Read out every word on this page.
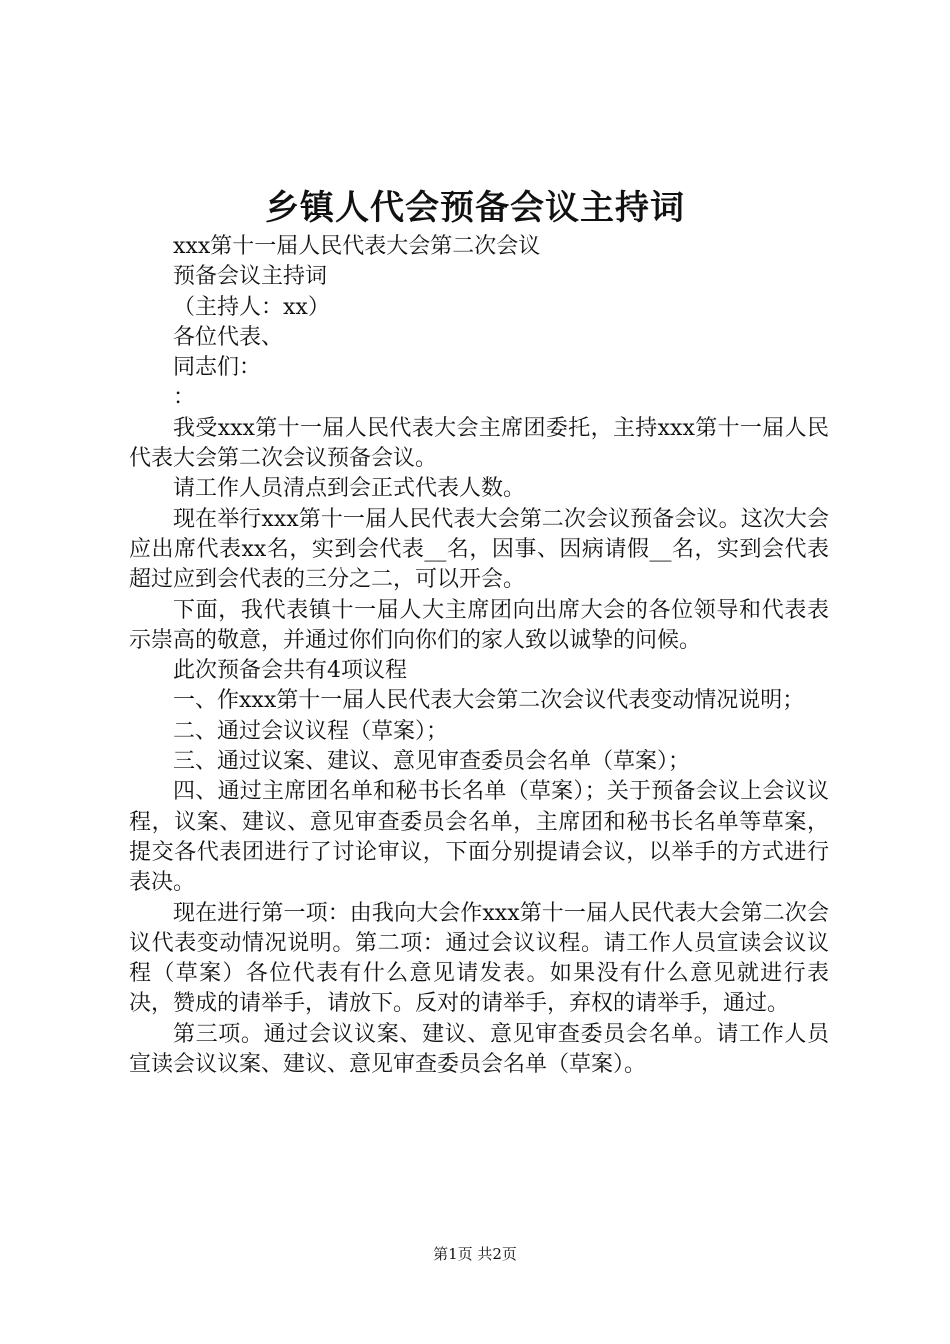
乡镇人代会预备会议主持词

xxx第十一届人民代表大会第二次会议

预备会议主持词

（主持人：xx）

各位代表、

同志们：

：

我受xxx第十一届人民代表大会主席团委托，主持xxx第十一届人民代表大会第二次会议预备会议。

请工作人员清点到会正式代表人数。

现在举行xxx第十一届人民代表大会第二次会议预备会议。这次大会应出席代表xx名，实到会代表__名，因事、因病请假__名，实到会代表超过应到会代表的三分之二，可以开会。

下面，我代表镇十一届人大主席团向出席大会的各位领导和代表表示崇高的敬意，并通过你们向你们的家人致以诚挚的问候。

此次预备会共有4项议程

一、作xxx第十一届人民代表大会第二次会议代表变动情况说明；

二、通过会议议程（草案）；

三、通过议案、建议、意见审查委员会名单（草案）；

四、通过主席团名单和秘书长名单（草案）；关于预备会议上会议议程，议案、建议、意见审查委员会名单，主席团和秘书长名单等草案，提交各代表团进行了讨论审议，下面分别提请会议，以举手的方式进行表决。

现在进行第一项：由我向大会作xxx第十一届人民代表大会第二次会议代表变动情况说明。第二项：通过会议议程。请工作人员宣读会议议程（草案）各位代表有什么意见请发表。如果没有什么意见就进行表决，赞成的请举手，请放下。反对的请举手，弃权的请举手，通过。

第三项。通过会议议案、建议、意见审查委员会名单。请工作人员宣读会议议案、建议、意见审查委员会名单（草案）。

第1页 共2页
